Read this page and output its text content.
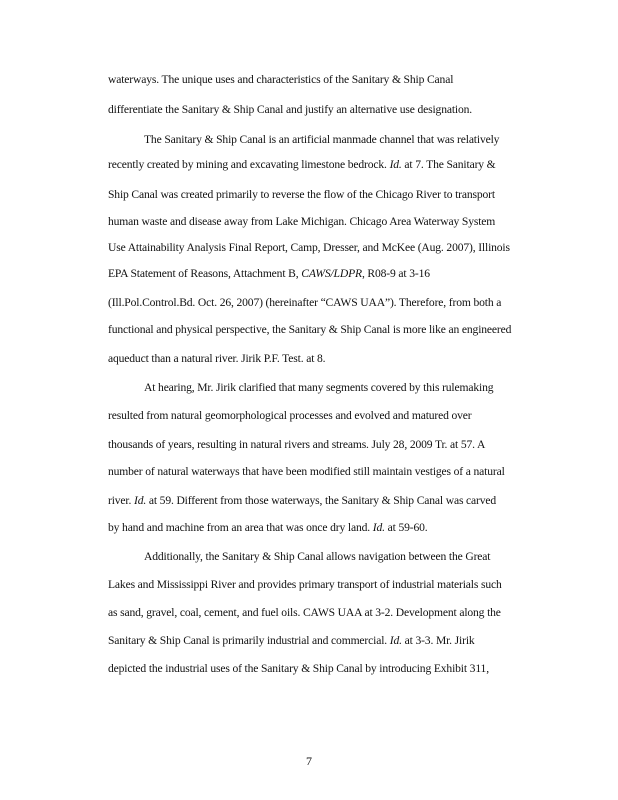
waterways. The unique uses and characteristics of the Sanitary & Ship Canal
differentiate the Sanitary & Ship Canal and justify an alternative use designation.
The Sanitary & Ship Canal is an artificial manmade channel that was relatively
recently created by mining and excavating limestone bedrock. Id. at 7. The Sanitary &
Ship Canal was created primarily to reverse the flow of the Chicago River to transport
human waste and disease away from Lake Michigan. Chicago Area Waterway System
Use Attainability Analysis Final Report, Camp, Dresser, and McKee (Aug. 2007), Illinois
EPA Statement of Reasons, Attachment B, CAWS/LDPR, R08-9 at 3-16
(Ill.Pol.Control.Bd. Oct. 26, 2007) (hereinafter “CAWS UAA”). Therefore, from both a
functional and physical perspective, the Sanitary & Ship Canal is more like an engineered
aqueduct than a natural river. Jirik P.F. Test. at 8.
At hearing, Mr. Jirik clarified that many segments covered by this rulemaking
resulted from natural geomorphological processes and evolved and matured over
thousands of years, resulting in natural rivers and streams. July 28, 2009 Tr. at 57. A
number of natural waterways that have been modified still maintain vestiges of a natural
river. Id. at 59. Different from those waterways, the Sanitary & Ship Canal was carved
by hand and machine from an area that was once dry land. Id. at 59-60.
Additionally, the Sanitary & Ship Canal allows navigation between the Great
Lakes and Mississippi River and provides primary transport of industrial materials such
as sand, gravel, coal, cement, and fuel oils. CAWS UAA at 3-2. Development along the
Sanitary & Ship Canal is primarily industrial and commercial. Id. at 3-3. Mr. Jirik
depicted the industrial uses of the Sanitary & Ship Canal by introducing Exhibit 311,
7
